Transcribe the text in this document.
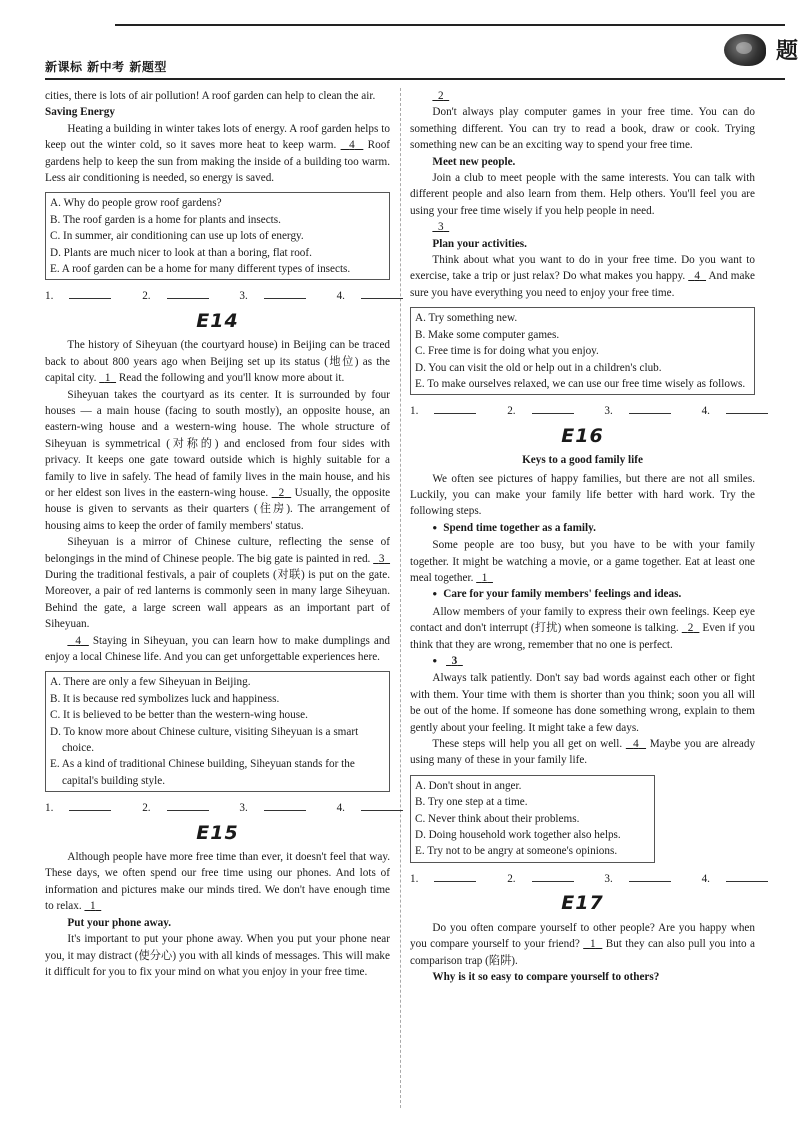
题
新课标 新中考 新题型

cities, there is lots of air pollution! A roof garden can help to clean the air.

Saving Energy

Heating a building in winter takes lots of energy. A roof garden helps to keep out the winter cold, so it saves more heat to keep warm. 4 Roof gardens help to keep the sun from making the inside of a building too warm. Less air conditioning is needed, so energy is saved.

A. Why do people grow roof gardens?
B. The roof garden is a home for plants and insects.
C. In summer, air conditioning can use up lots of energy.
D. Plants are much nicer to look at than a boring, flat roof.
E. A roof garden can be a home for many different types of insects.
1.	2.	3.	4.
E14

The history of Siheyuan (the courtyard house) in Beijing can be traced back to about 800 years ago when Beijing set up its status (地位) as the capital city. 1 Read the following and you'll know more about it.

Siheyuan takes the courtyard as its center. It is surrounded by four houses — a main house (facing to south mostly), an opposite house, an eastern-wing house and a western-wing house. The whole structure of Siheyuan is symmetrical (对称的) and enclosed from four sides with privacy. It keeps one gate toward outside which is highly suitable for a family to live in safely. The head of family lives in the main house, and his or her eldest son lives in the eastern-wing house. 2 Usually, the opposite house is given to servants as their quarters (住房). The arrangement of housing aims to keep the order of family members' status.

Siheyuan is a mirror of Chinese culture, reflecting the sense of belongings in the mind of Chinese people. The big gate is painted in red. 3   During the traditional festivals, a pair of couplets (对联) is put on the gate. Moreover, a pair of red lanterns is commonly seen in many large Siheyuan. Behind the gate, a large screen wall appears as an important part of Siheyuan.

4 Staying in Siheyuan, you can learn how to make dumplings and enjoy a local Chinese life. And you can get unforgettable experiences here.

A. There are only a few Siheyuan in Beijing.
B. It is because red symbolizes luck and happiness.
C. It is believed to be better than the western-wing house.
D. To know more about Chinese culture, visiting Siheyuan is a smart choice.
E. As a kind of traditional Chinese building, Siheyuan stands for the capital's building style.
1.	2.	3.	4.
E15

Although people have more free time than ever, it doesn't feel that way. These days, we often spend our free time using our phones. And lots of information and pictures make our minds tired. We don't have enough time to relax. 1

Put your phone away.

It's important to put your phone away. When you put your phone near you, it may distract (使分心) you with all kinds of messages. This will make it difficult for you to fix your mind on what you enjoy in your free time.

2

Don't always play computer games in your free time. You can do something different. You can try to read a book, draw or cook. Trying something new can be an exciting way to spend your free time.

Meet new people.

Join a club to meet people with the same interests. You can talk with different people and also learn from them. Help others. You'll feel you are using your free time wisely if you help people in need.

3

Plan your activities.

Think about what you want to do in your free time. Do you want to exercise, take a trip or just relax? Do what makes you happy. 4 And make sure you have everything you need to enjoy your free time.

A. Try something new.
B. Make some computer games.
C. Free time is for doing what you enjoy.
D. You can visit the old or help out in a children's club.
E. To make ourselves relaxed, we can use our free time wisely as follows.
1.	2.	3.	4.
E16

Keys to a good family life

We often see pictures of happy families, but there are not all smiles. Luckily, you can make your family life better with hard work. Try the following steps.

● Spend time together as a family.

Some people are too busy, but you have to be with your family together. It might be watching a movie, or a game together. Eat at least one meal together. 1

● Care for your family members' feelings and ideas.

Allow members of your family to express their own feelings. Keep eye contact and don't interrupt (打扰) when someone is talking. 2 Even if you think that they are wrong, remember that no one is perfect.

●   3

Always talk patiently. Don't say bad words against each other or fight with them. Your time with them is shorter than you think; soon you all will be out of the home. If someone has done something wrong, explain to them gently about your feeling. It might take a few days.

These steps will help you all get on well. 4 Maybe you are already using many of these in your family life.

A. Don't shout in anger.
B. Try one step at a time.
C. Never think about their problems.
D. Doing household work together also helps.
E. Try not to be angry at someone's opinions.
1.	2.	3.	4.
E17

Do you often compare yourself to other people? Are you happy when you compare yourself to your friend? 1 But they can also pull you into a comparison trap (陷阱).

Why is it so easy to compare yourself to others?
